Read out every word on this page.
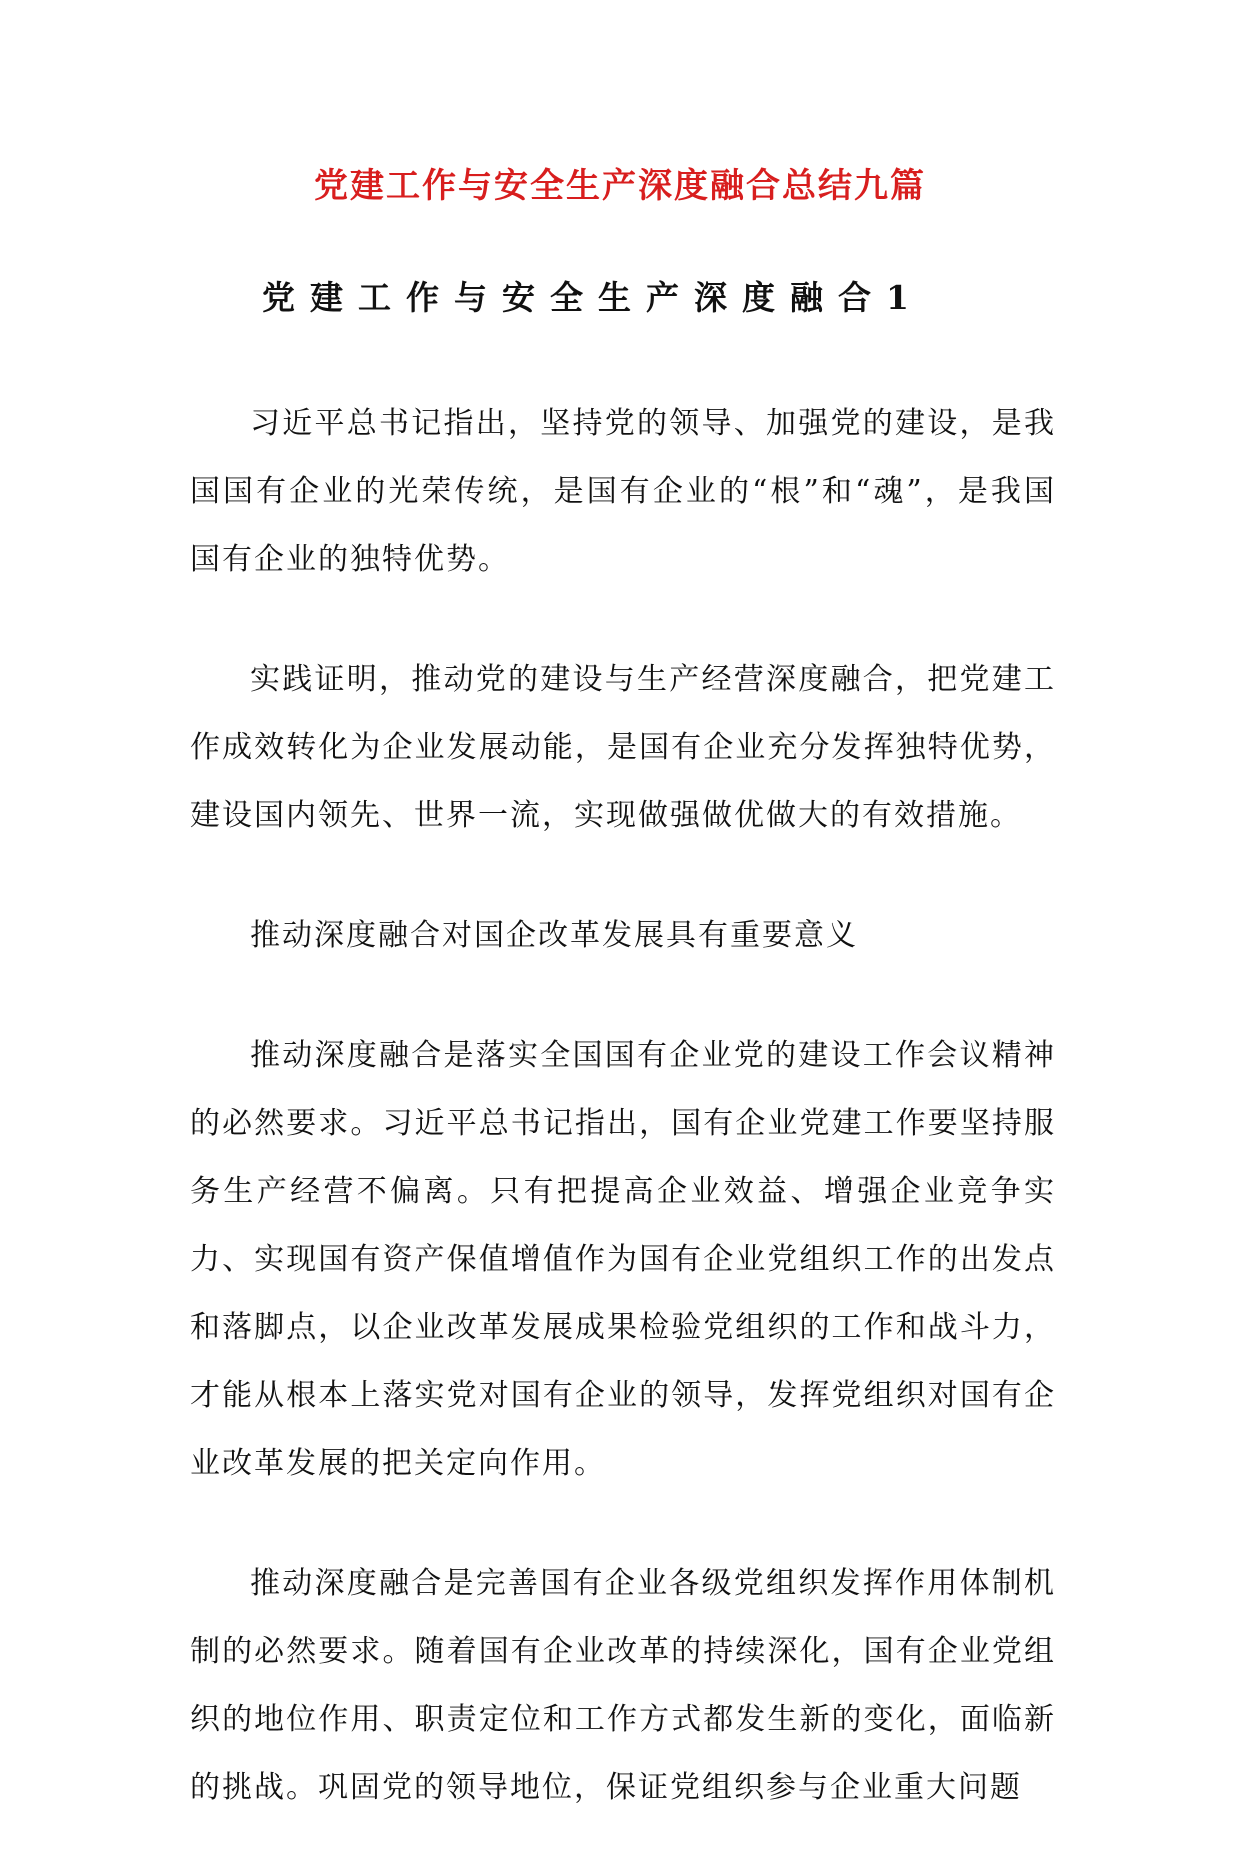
党建工作与安全生产深度融合总结九篇
党建工作与安全生产深度融合1

习近平总书记指出，坚持党的领导、加强党的建设，是我国国有企业的光荣传统，是国有企业的“根”和“魂”，是我国国有企业的独特优势。

实践证明，推动党的建设与生产经营深度融合，把党建工作成效转化为企业发展动能，是国有企业充分发挥独特优势，建设国内领先、世界一流，实现做强做优做大的有效措施。

推动深度融合对国企改革发展具有重要意义

推动深度融合是落实全国国有企业党的建设工作会议精神的必然要求。习近平总书记指出，国有企业党建工作要坚持服务生产经营不偏离。只有把提高企业效益、增强企业竞争实力、实现国有资产保值增值作为国有企业党组织工作的出发点和落脚点，以企业改革发展成果检验党组织的工作和战斗力，才能从根本上落实党对国有企业的领导，发挥党组织对国有企业改革发展的把关定向作用。

推动深度融合是完善国有企业各级党组织发挥作用体制机制的必然要求。随着国有企业改革的持续深化，国有企业党组织的地位作用、职责定位和工作方式都发生新的变化，面临新的挑战。巩固党的领导地位，保证党组织参与企业重大问题
